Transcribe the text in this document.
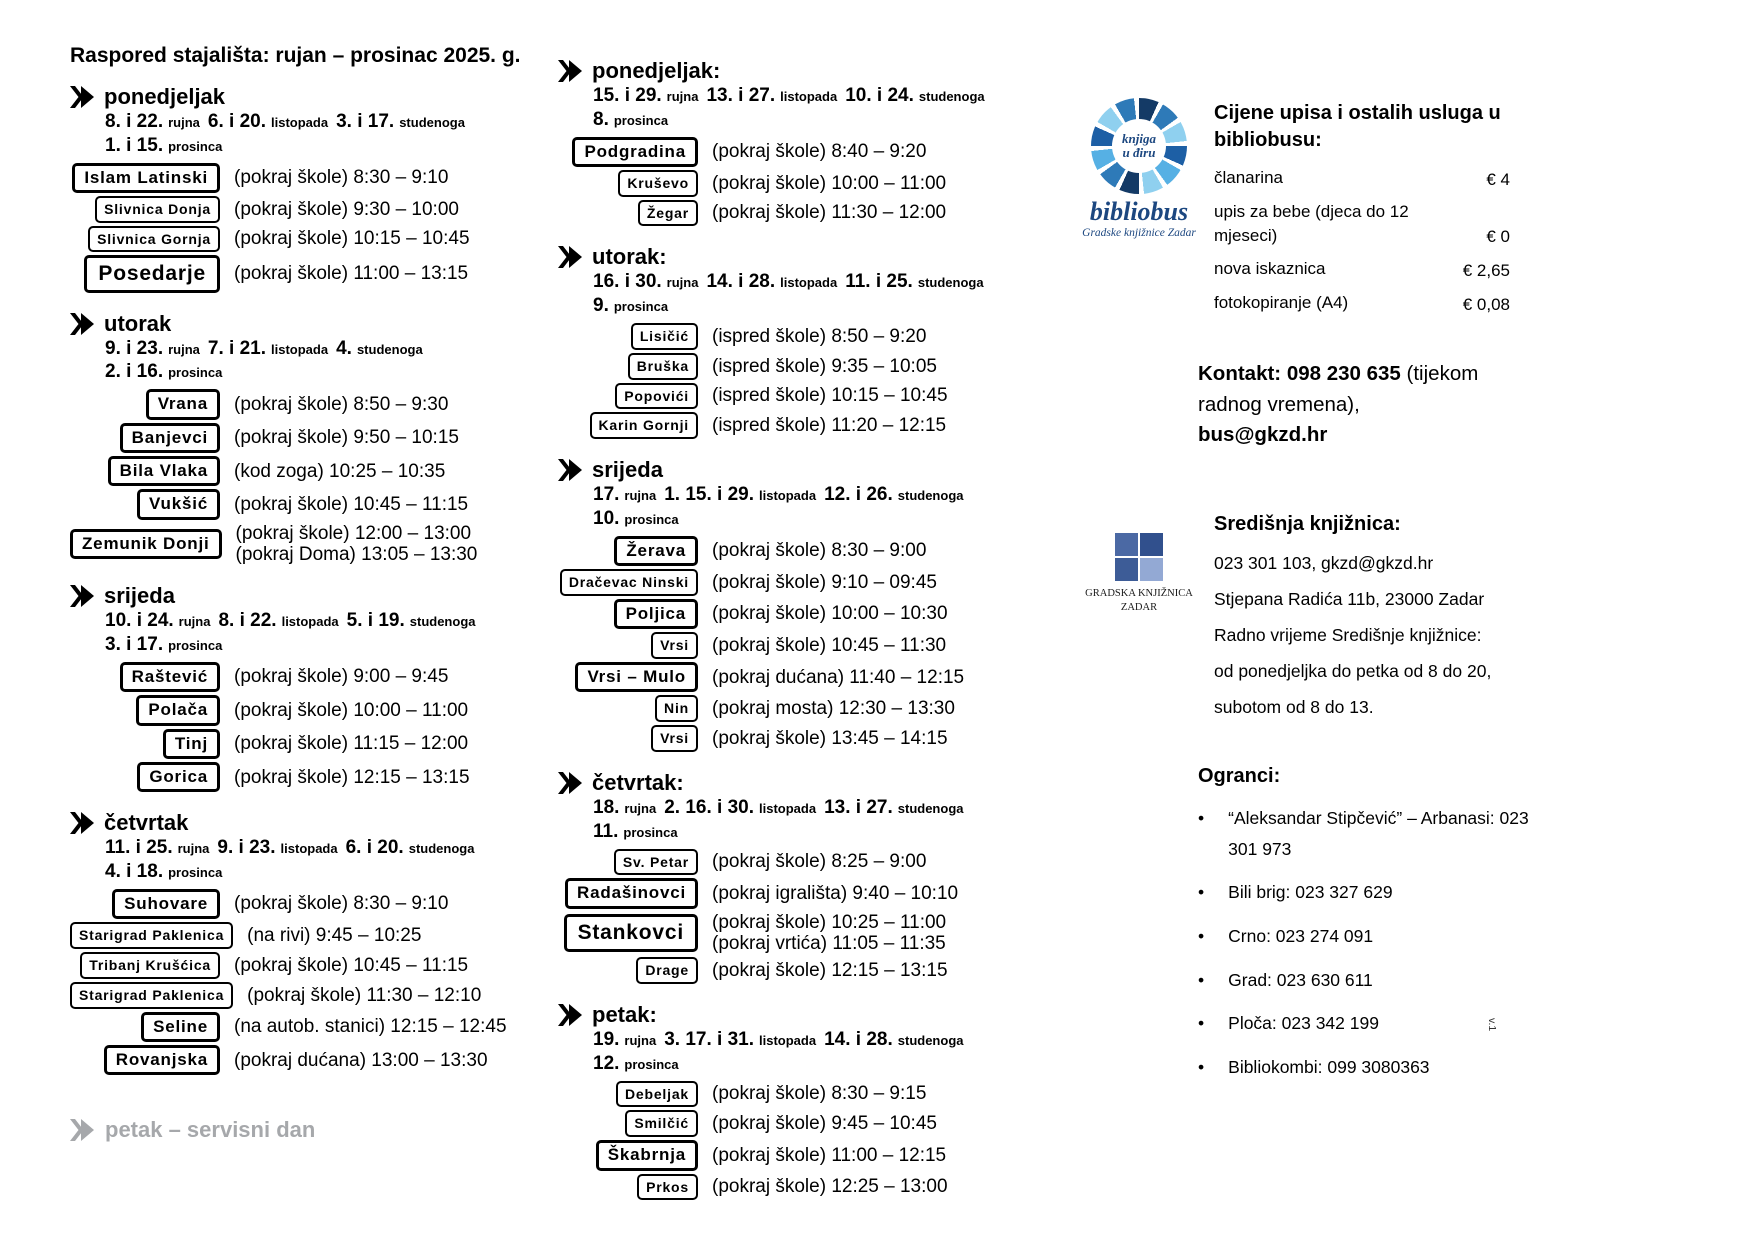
Raspored stajališta: rujan – prosinac 2025. g.
ponedjeljak
8. i 22. rujna 6. i 20. listopada 3. i 17. studenoga
1. i 15. prosinca
Islam Latinski	(pokraj škole) 8:30 – 9:10
Slivnica Donja	(pokraj škole) 9:30 – 10:00
Slivnica Gornja	(pokraj škole) 10:15 – 10:45
Posedarje	(pokraj škole) 11:00 – 13:15
utorak
9. i 23. rujna 7. i 21. listopada 4. studenoga
2. i 16. prosinca
Vrana	(pokraj škole) 8:50 – 9:30
Banjevci	(pokraj škole) 9:50 – 10:15
Bila Vlaka	(kod zoga) 10:25 – 10:35
Vukšić	(pokraj škole) 10:45 – 11:15
Zemunik Donji	(pokraj škole) 12:00 – 13:00
(pokraj Doma) 13:05 – 13:30
srijeda
10. i 24. rujna 8. i 22. listopada 5. i 19. studenoga
3. i 17. prosinca
Raštević	(pokraj škole) 9:00 – 9:45
Polača	(pokraj škole) 10:00 – 11:00
Tinj	(pokraj škole) 11:15 – 12:00
Gorica	(pokraj škole) 12:15 – 13:15
četvrtak
11. i 25. rujna 9. i 23. listopada 6. i 20. studenoga
4. i 18. prosinca
Suhovare	(pokraj škole) 8:30 – 9:10
Starigrad Paklenica	(na rivi) 9:45 – 10:25
Tribanj Krušćica	(pokraj škole) 10:45 – 11:15
Starigrad Paklenica	(pokraj škole) 11:30 – 12:10
Seline	(na autob. stanici) 12:15 – 12:45
Rovanjska	(pokraj dućana) 13:00 – 13:30
petak – servisni dan
ponedjeljak:
15. i 29. rujna 13. i 27. listopada 10. i 24. studenoga
8. prosinca
Podgradina	(pokraj škole) 8:40 – 9:20
Kruševo	(pokraj škole) 10:00 – 11:00
Žegar	(pokraj škole) 11:30 – 12:00
utorak:
16. i 30. rujna 14. i 28. listopada 11. i 25. studenoga
9. prosinca
Lisičić	(ispred škole) 8:50 – 9:20
Bruška	(ispred škole) 9:35 – 10:05
Popovići	(ispred škole) 10:15 – 10:45
Karin Gornji	(ispred škole) 11:20 – 12:15
srijeda
17. rujna 1. 15. i 29. listopada 12. i 26. studenoga
10. prosinca
Žerava	(pokraj škole) 8:30 – 9:00
Dračevac Ninski	(pokraj škole) 9:10 – 09:45
Poljica	(pokraj škole) 10:00 – 10:30
Vrsi	(pokraj škole) 10:45 – 11:30
Vrsi – Mulo	(pokraj dućana) 11:40 – 12:15
Nin	(pokraj mosta) 12:30 – 13:30
Vrsi	(pokraj škole) 13:45 – 14:15
četvrtak:
18. rujna 2. 16. i 30. listopada 13. i 27. studenoga
11. prosinca
Sv. Petar	(pokraj škole) 8:25 – 9:00
Radašinovci	(pokraj igrališta) 9:40 – 10:10
Stankovci	(pokraj škole) 10:25 – 11:00
(pokraj vrtića) 11:05 – 11:35
Drage	(pokraj škole) 12:15 – 13:15
petak:
19. rujna 3. 17. i 31. listopada 14. i 28. studenoga
12. prosinca
Debeljak	(pokraj škole) 8:30 – 9:15
Smilčić	(pokraj škole) 9:45 – 10:45
Škabrnja	(pokraj škole) 11:00 – 12:15
Prkos	(pokraj škole) 12:25 – 13:00
knjiga
u điru
bibliobus
Gradske knjižnice Zadar
Cijene upisa i ostalih usluga u bibliobusu:
članarina	€ 4
upis za bebe (djeca do 12 mjeseci)	€ 0
nova iskaznica	€ 2,65
fotokopiranje (A4)	€ 0,08

Kontakt: 098 230 635 (tijekom radnog vremena),
bus@gkzd.hr

GRADSKA KNJIŽNICA
ZADAR
Središnja knjižnica:
023 301 103, gkzd@gkzd.hr
Stjepana Radića 11b, 23000 Zadar
Radno vrijeme Središnje knjižnice:
od ponedjeljka do petka od 8 do 20,
subotom od 8 do 13.
Ogranci:
• “Aleksandar Stipčević” – Arbanasi: 023 301 973
• Bili brig: 023 327 629
• Crno: 023 274 091
• Grad: 023 630 611
• Ploča: 023 342 199
• Bibliokombi: 099 3080363
v.1
